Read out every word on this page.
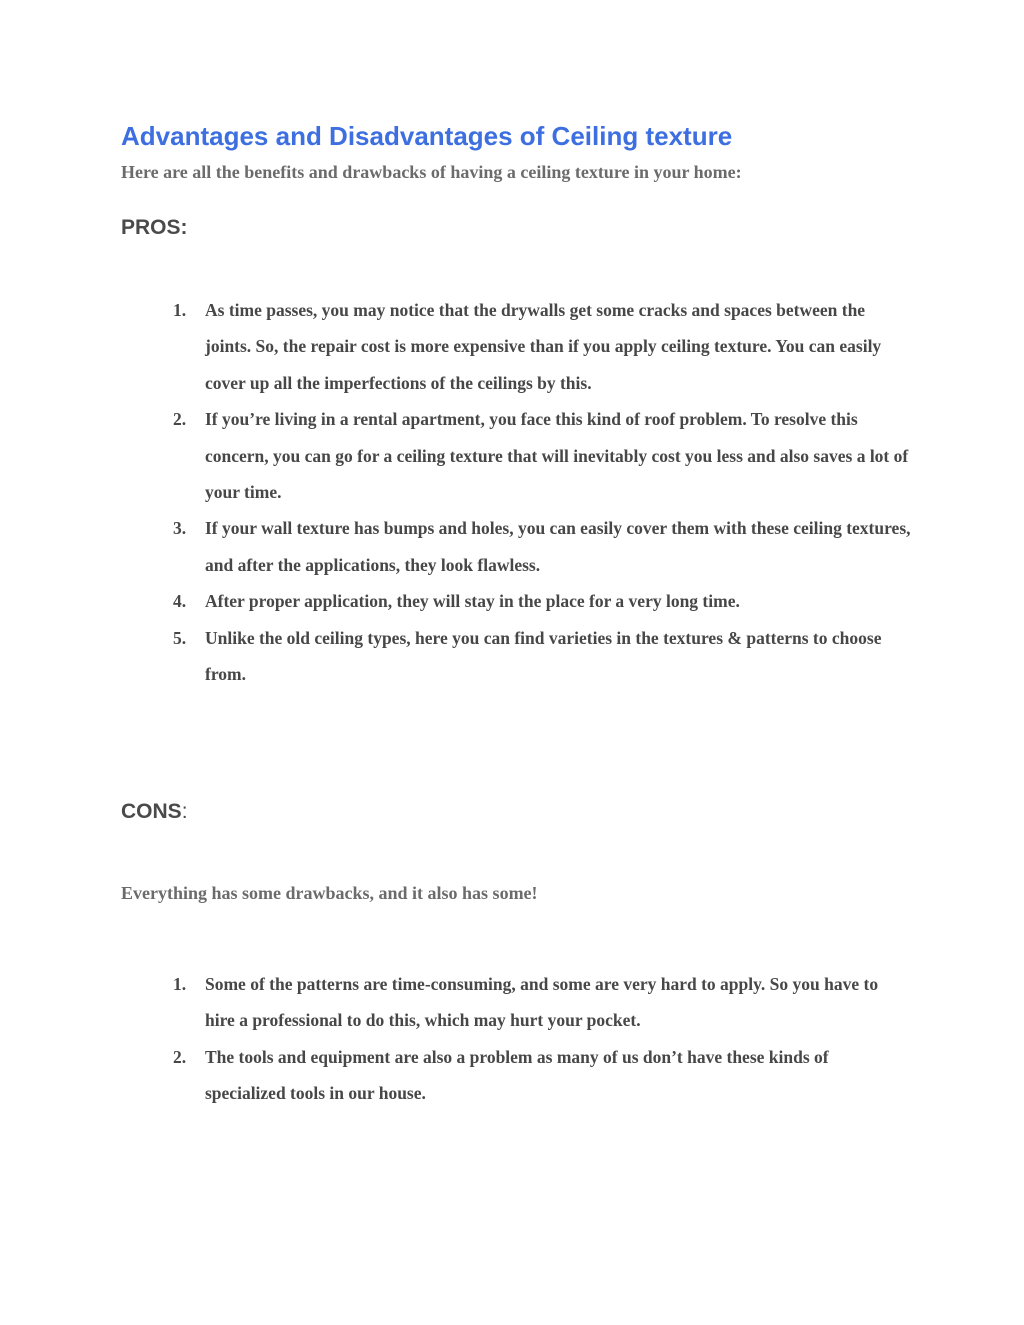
Advantages and Disadvantages of Ceiling texture

Here are all the benefits and drawbacks of having a ceiling texture in your home:

PROS:
1. As time passes, you may notice that the drywalls get some cracks and spaces between the joints. So, the repair cost is more expensive than if you apply ceiling texture. You can easily cover up all the imperfections of the ceilings by this.
2. If you’re living in a rental apartment, you face this kind of roof problem. To resolve this concern, you can go for a ceiling texture that will inevitably cost you less and also saves a lot of your time.
3. If your wall texture has bumps and holes, you can easily cover them with these ceiling textures, and after the applications, they look flawless.
4. After proper application, they will stay in the place for a very long time.
5. Unlike the old ceiling types, here you can find varieties in the textures & patterns to choose from.
CONS:

Everything has some drawbacks, and it also has some!

1. Some of the patterns are time-consuming, and some are very hard to apply. So you have to hire a professional to do this, which may hurt your pocket.
2. The tools and equipment are also a problem as many of us don’t have these kinds of specialized tools in our house.
